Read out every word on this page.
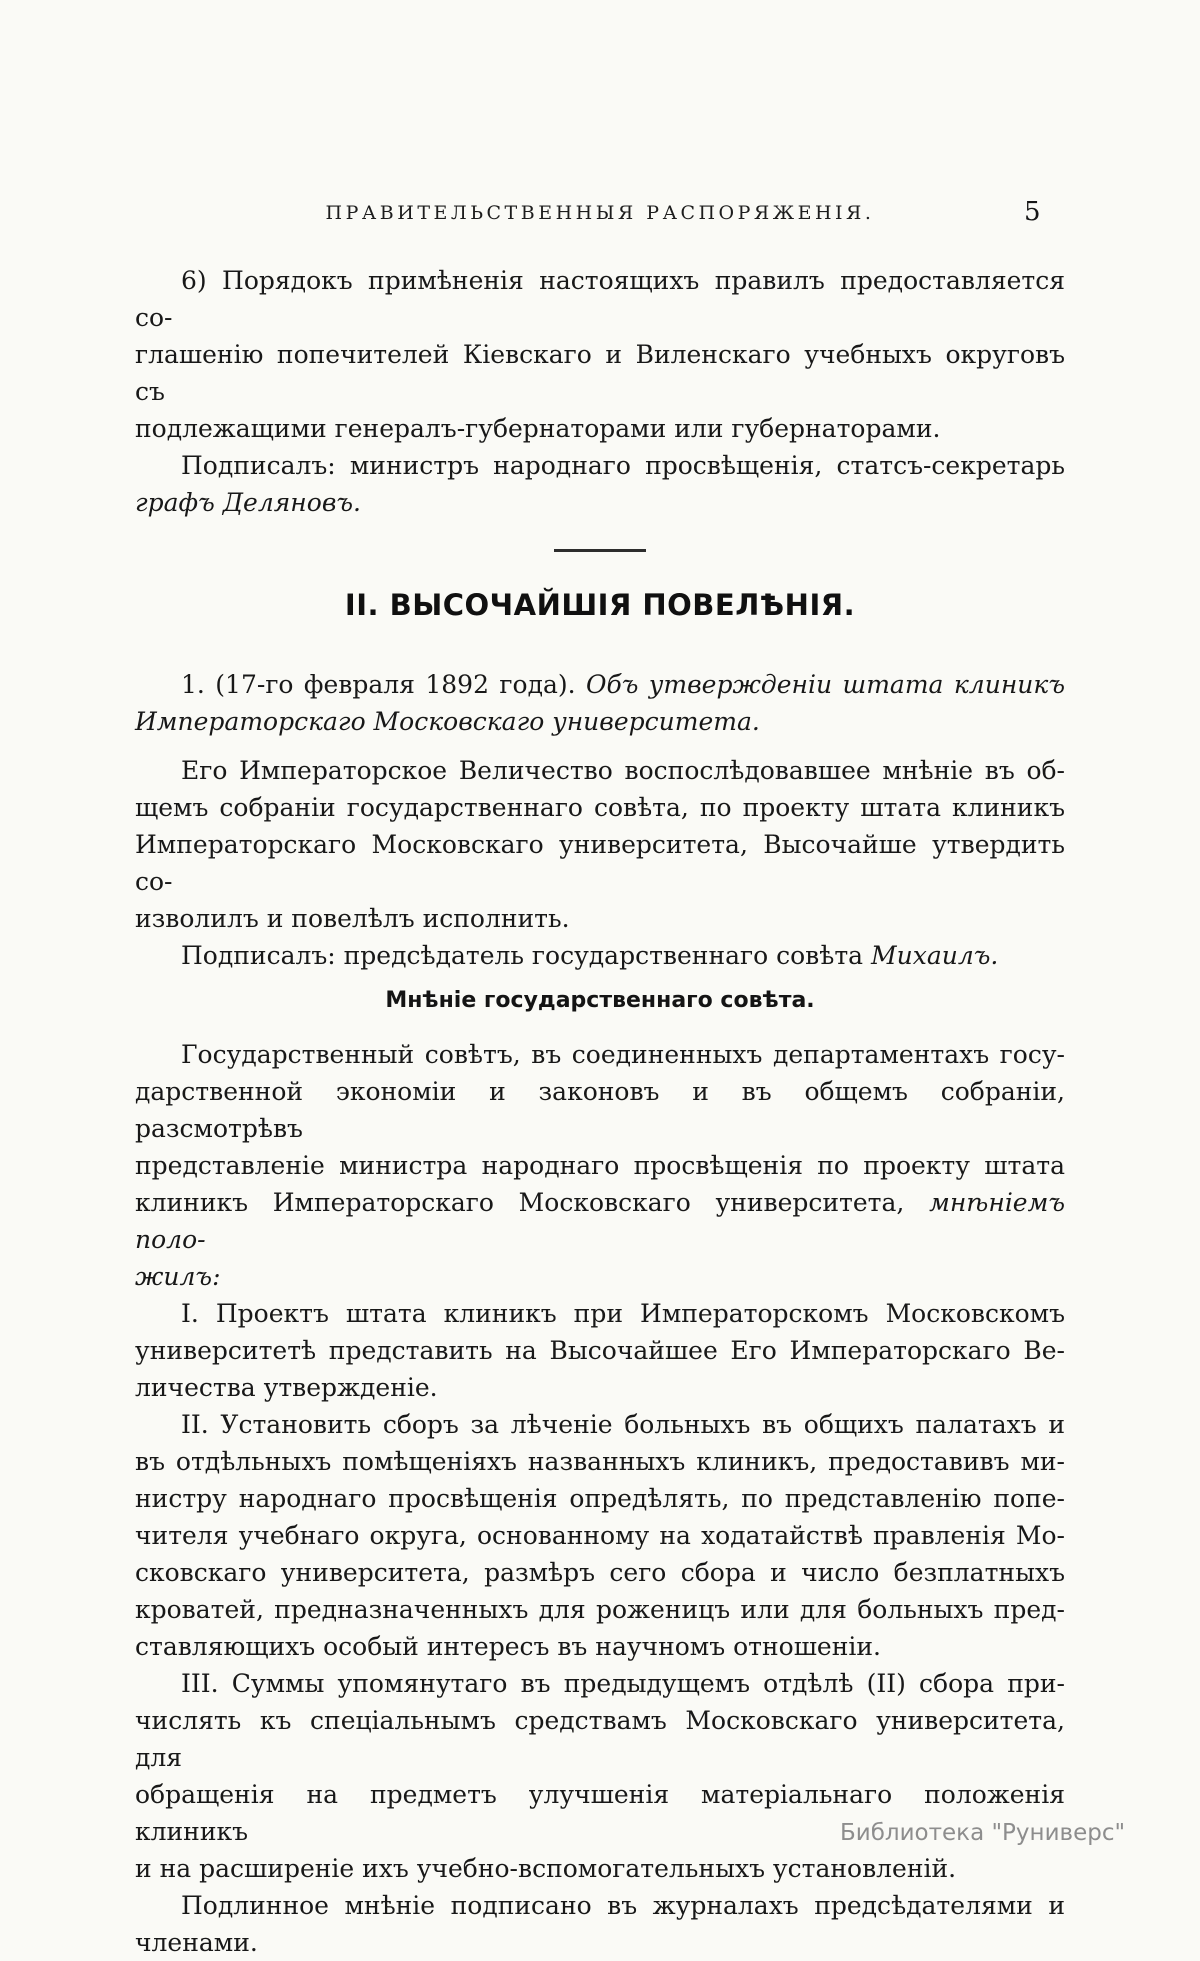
ПРАВИТЕЛЬСТВЕННЫЯ РАСПОРЯЖЕНІЯ.	5
6) Порядокъ примѣненія настоящихъ правилъ предоставляется со-
глашенію попечителей Кіевскаго и Виленскаго учебныхъ округовъ съ
подлежащими генералъ-губернаторами или губернаторами.
Подписалъ: министръ народнаго просвѣщенія, статсъ-секретарь
графъ Деляновъ.
II. ВЫСОЧАЙШІЯ ПОВЕЛѢНІЯ.
1. (17-го февраля 1892 года). Объ утвержденіи штата клиникъ
Императорскаго Московскаго университета.
Его Императорское Величество воспослѣдовавшее мнѣніе въ об-
щемъ собраніи государственнаго совѣта, по проекту штата клиникъ
Императорскаго Московскаго университета, Высочайше утвердить со-
изволилъ и повелѣлъ исполнить.
Подписалъ: предсѣдатель государственнаго совѣта Михаилъ.
Мнѣніе государственнаго совѣта.
Государственный совѣтъ, въ соединенныхъ департаментахъ госу-
дарственной экономіи и законовъ и въ общемъ собраніи, разсмотрѣвъ
представленіе министра народнаго просвѣщенія по проекту штата
клиникъ Императорскаго Московскаго университета, мнѣніемъ поло-
жилъ:
I. Проектъ штата клиникъ при Императорскомъ Московскомъ
университетѣ представить на Высочайшее Его Императорскаго Ве-
личества утвержденіе.
II. Установить сборъ за лѣченіе больныхъ въ общихъ палатахъ и
въ отдѣльныхъ помѣщеніяхъ названныхъ клиникъ, предоставивъ ми-
нистру народнаго просвѣщенія опредѣлять, по представленію попе-
чителя учебнаго округа, основанному на ходатайствѣ правленія Мо-
сковскаго университета, размѣръ сего сбора и число безплатныхъ
кроватей, предназначенныхъ для роженицъ или для больныхъ пред-
ставляющихъ особый интересъ въ научномъ отношеніи.
III. Суммы упомянутаго въ предыдущемъ отдѣлѣ (II) сбора при-
числять къ спеціальнымъ средствамъ Московскаго университета, для
обращенія на предметъ улучшенія матеріальнаго положенія клиникъ
и на расширеніе ихъ учебно-вспомогательныхъ установленій.
Подлинное мнѣніе подписано въ журналахъ предсѣдателями и
членами.
Библиотека "Руниверс"
